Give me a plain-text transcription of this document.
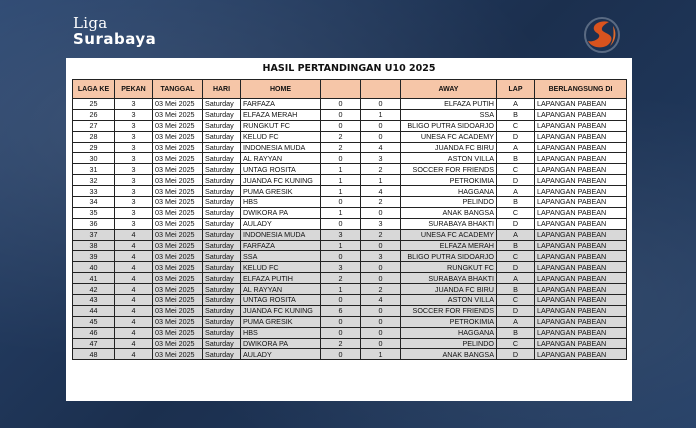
Liga
Surabaya
HASIL PERTANDINGAN U10 2025
LAGA KE	PEKAN	TANGGAL	HARI	HOME			AWAY	LAP	BERLANGSUNG DI
25	3	03 Mei 2025	Saturday	FARFAZA	0	0	ELFAZA PUTIH	A	LAPANGAN PABEAN
26	3	03 Mei 2025	Saturday	ELFAZA MERAH	0	1	SSA	B	LAPANGAN PABEAN
27	3	03 Mei 2025	Saturday	RUNGKUT FC	0	0	BLIGO PUTRA SIDOARJO	C	LAPANGAN PABEAN
28	3	03 Mei 2025	Saturday	KELUD FC	2	0	UNESA FC ACADEMY	D	LAPANGAN PABEAN
29	3	03 Mei 2025	Saturday	INDONESIA MUDA	2	4	JUANDA FC BIRU	A	LAPANGAN PABEAN
30	3	03 Mei 2025	Saturday	AL RAYYAN	0	3	ASTON VILLA	B	LAPANGAN PABEAN
31	3	03 Mei 2025	Saturday	UNTAG ROSITA	1	2	SOCCER FOR FRIENDS	C	LAPANGAN PABEAN
32	3	03 Mei 2025	Saturday	JUANDA FC KUNING	1	1	PETROKIMIA	D	LAPANGAN PABEAN
33	3	03 Mei 2025	Saturday	PUMA GRESIK	1	4	HAGGANA	A	LAPANGAN PABEAN
34	3	03 Mei 2025	Saturday	HBS	0	2	PELINDO	B	LAPANGAN PABEAN
35	3	03 Mei 2025	Saturday	DWIKORA PA	1	0	ANAK BANGSA	C	LAPANGAN PABEAN
36	3	03 Mei 2025	Saturday	AULADY	0	3	SURABAYA BHAKTI	D	LAPANGAN PABEAN
37	4	03 Mei 2025	Saturday	INDONESIA MUDA	3	2	UNESA FC ACADEMY	A	LAPANGAN PABEAN
38	4	03 Mei 2025	Saturday	FARFAZA	1	0	ELFAZA MERAH	B	LAPANGAN PABEAN
39	4	03 Mei 2025	Saturday	SSA	0	3	BLIGO PUTRA SIDOARJO	C	LAPANGAN PABEAN
40	4	03 Mei 2025	Saturday	KELUD FC	3	0	RUNGKUT FC	D	LAPANGAN PABEAN
41	4	03 Mei 2025	Saturday	ELFAZA PUTIH	2	0	SURABAYA BHAKTI	A	LAPANGAN PABEAN
42	4	03 Mei 2025	Saturday	AL RAYYAN	1	2	JUANDA FC BIRU	B	LAPANGAN PABEAN
43	4	03 Mei 2025	Saturday	UNTAG ROSITA	0	4	ASTON VILLA	C	LAPANGAN PABEAN
44	4	03 Mei 2025	Saturday	JUANDA FC KUNING	6	0	SOCCER FOR FRIENDS	D	LAPANGAN PABEAN
45	4	03 Mei 2025	Saturday	PUMA GRESIK	0	0	PETROKIMIA	A	LAPANGAN PABEAN
46	4	03 Mei 2025	Saturday	HBS	0	0	HAGGANA	B	LAPANGAN PABEAN
47	4	03 Mei 2025	Saturday	DWIKORA PA	2	0	PELINDO	C	LAPANGAN PABEAN
48	4	03 Mei 2025	Saturday	AULADY	0	1	ANAK BANGSA	D	LAPANGAN PABEAN
